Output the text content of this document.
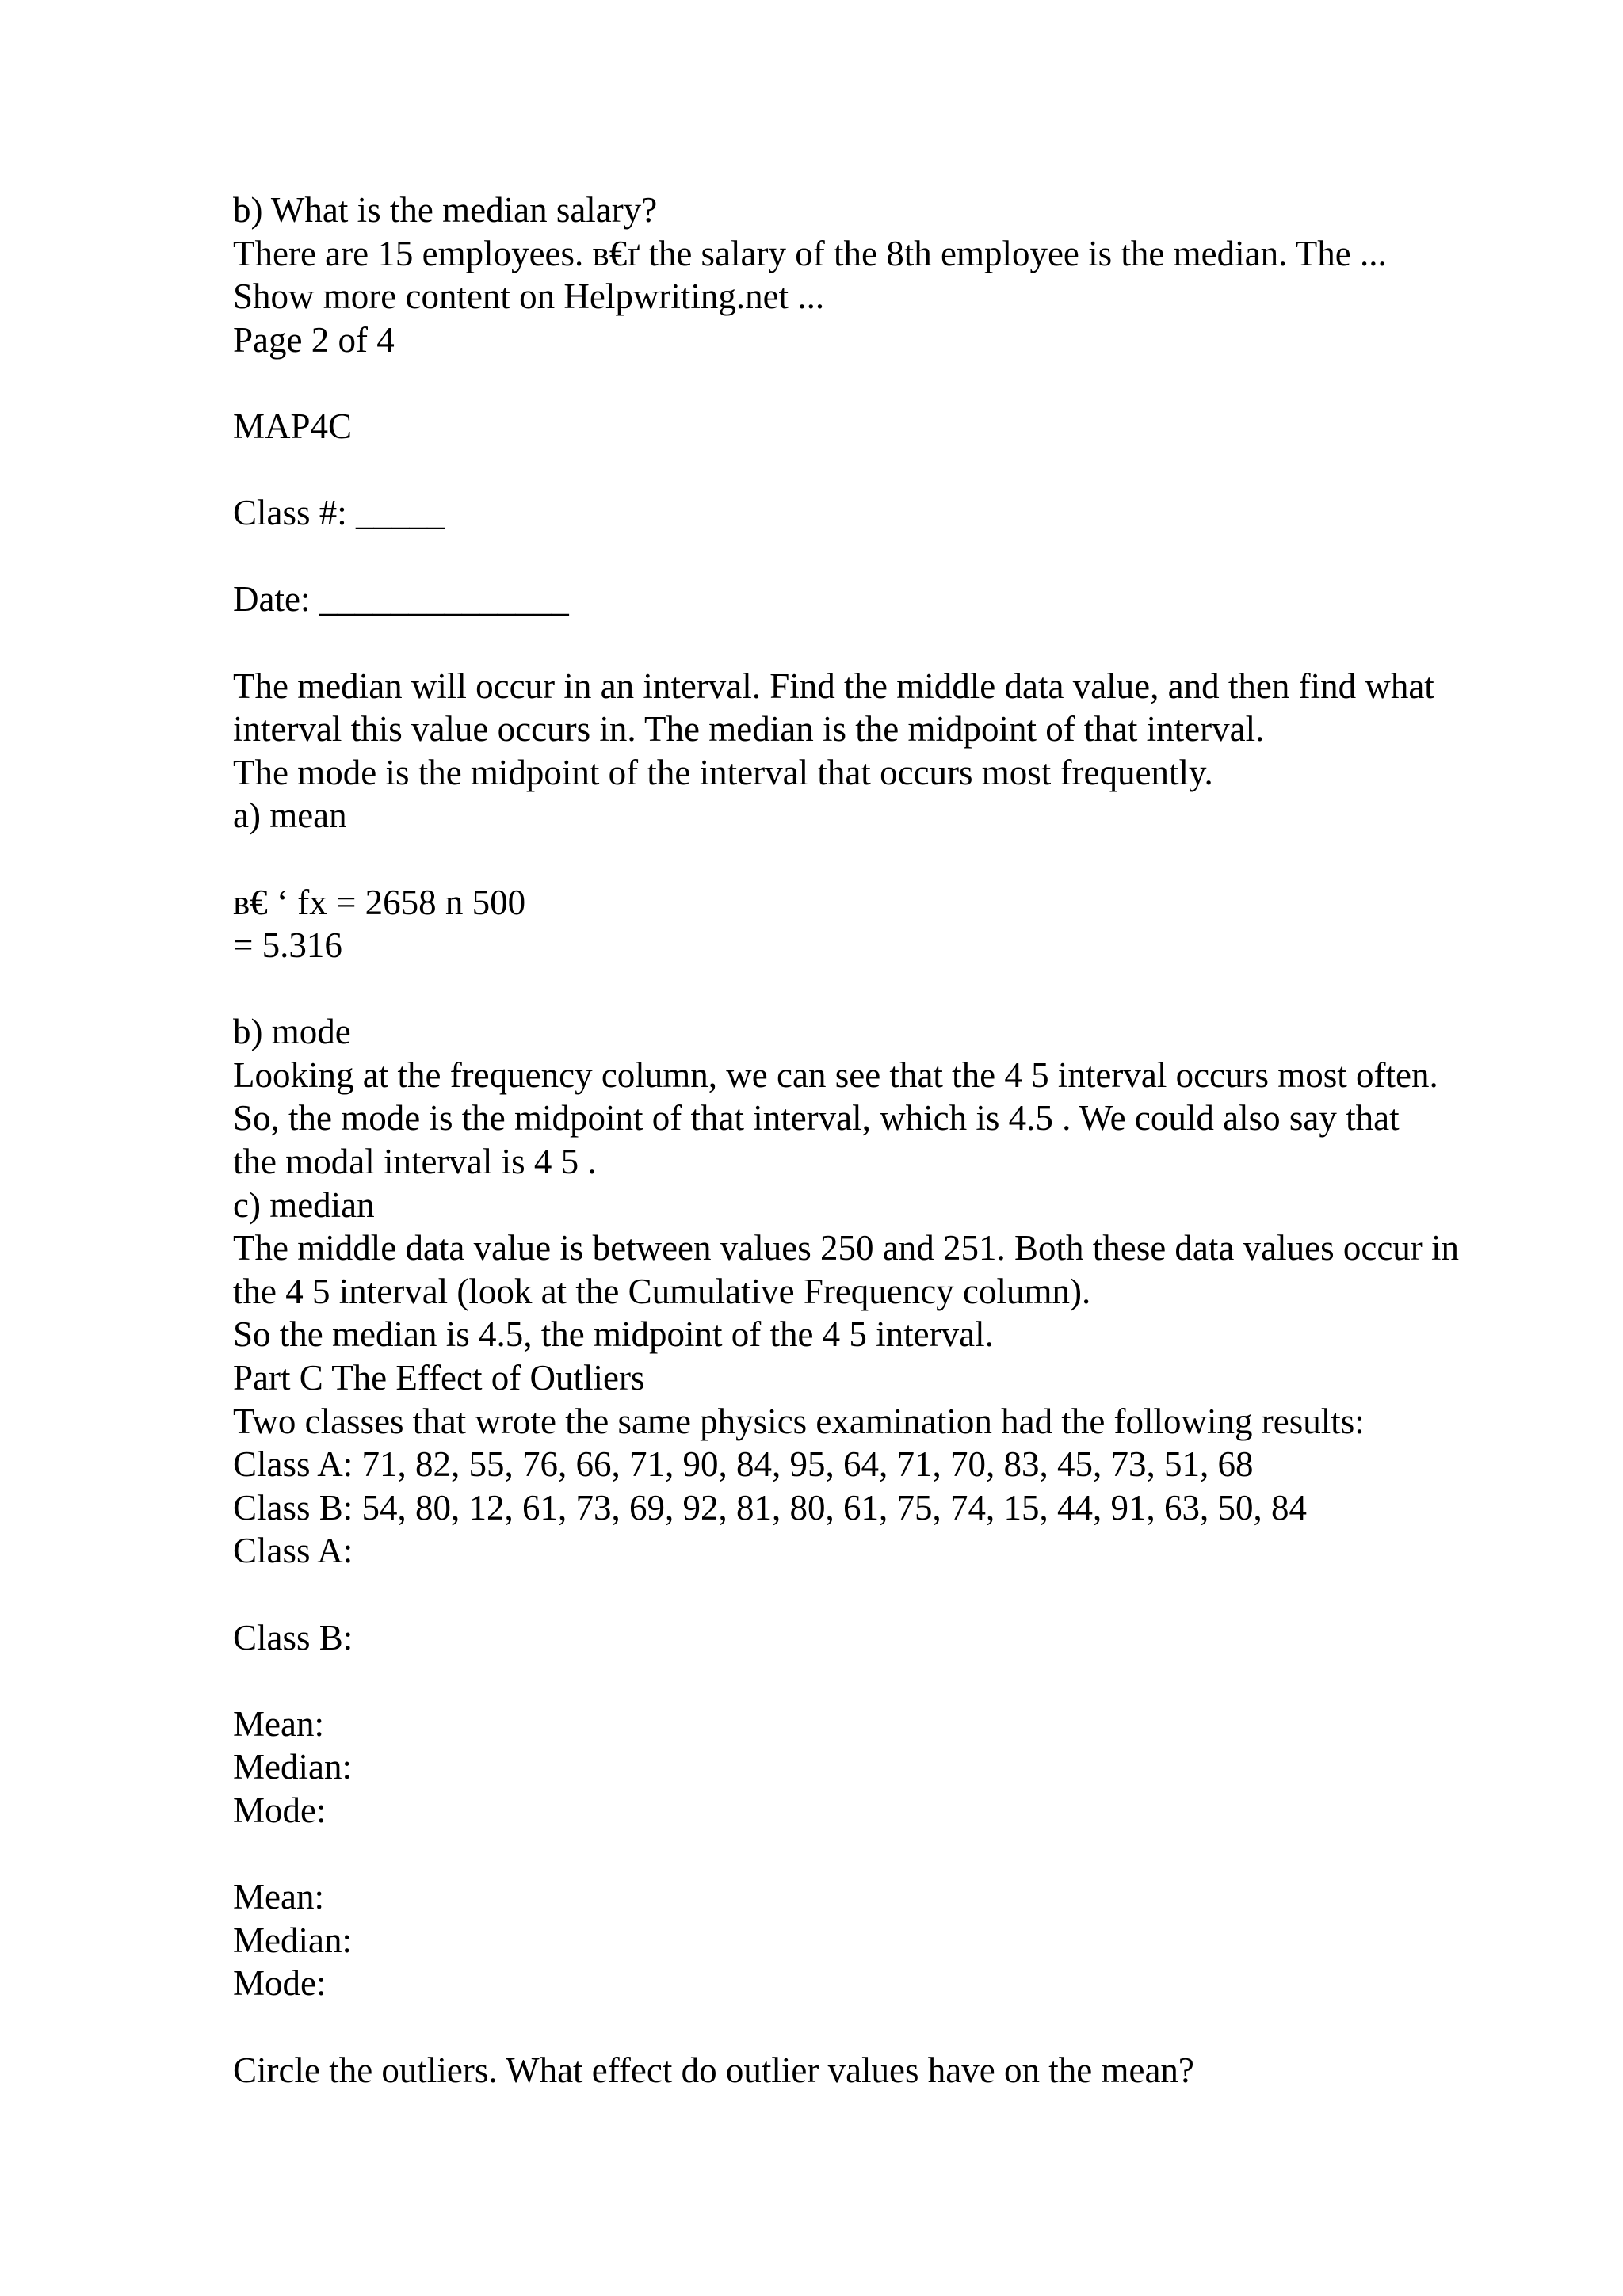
b) What is the median salary?
There are 15 employees. в€ґ the salary of the 8th employee is the median. The ...
Show more content on Helpwriting.net ...
Page 2 of 4
MAP4C
Class #: _____
Date: ______________
The median will occur in an interval. Find the middle data value, and then find what
interval this value occurs in. The median is the midpoint of that interval.
The mode is the midpoint of the interval that occurs most frequently.
a) mean
в€ ‘ fx = 2658 n 500
= 5.316
b) mode
Looking at the frequency column, we can see that the 4 5 interval occurs most often.
So, the mode is the midpoint of that interval, which is 4.5 . We could also say that
the modal interval is 4 5 .
c) median
The middle data value is between values 250 and 251. Both these data values occur in
the 4 5 interval (look at the Cumulative Frequency column).
So the median is 4.5, the midpoint of the 4 5 interval.
Part C The Effect of Outliers
Two classes that wrote the same physics examination had the following results:
Class A: 71, 82, 55, 76, 66, 71, 90, 84, 95, 64, 71, 70, 83, 45, 73, 51, 68
Class B: 54, 80, 12, 61, 73, 69, 92, 81, 80, 61, 75, 74, 15, 44, 91, 63, 50, 84
Class A:
Class B:
Mean:
Median:
Mode:
Mean:
Median:
Mode:
Circle the outliers. What effect do outlier values have on the mean?
